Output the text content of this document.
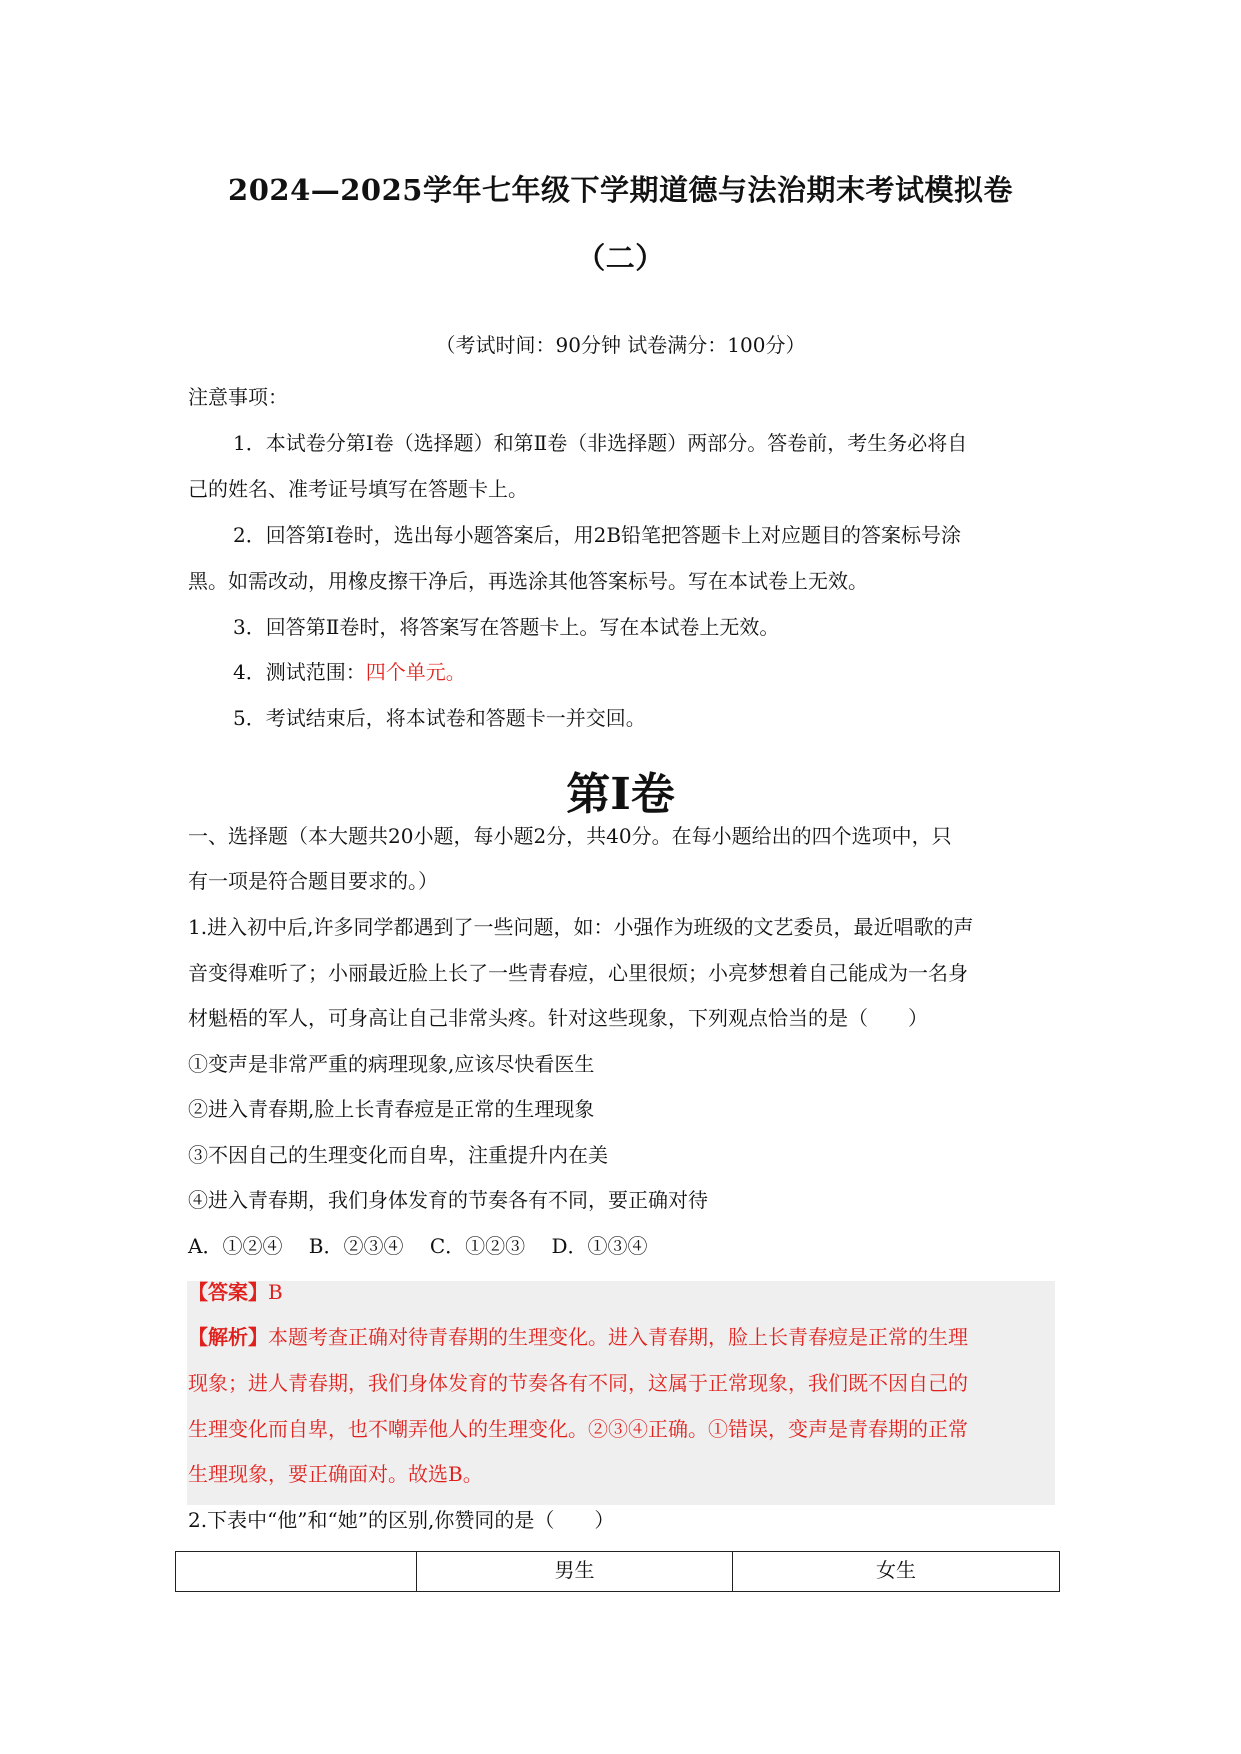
2024—2025学年七年级下学期道德与法治期末考试模拟卷
（二）
（考试时间：90分钟 试卷满分：100分）
注意事项：
1．本试卷分第Ⅰ卷（选择题）和第Ⅱ卷（非选择题）两部分。答卷前，考生务必将自
己的姓名、准考证号填写在答题卡上。
2．回答第Ⅰ卷时，选出每小题答案后，用2B铅笔把答题卡上对应题目的答案标号涂
黑。如需改动，用橡皮擦干净后，再选涂其他答案标号。写在本试卷上无效。
3．回答第Ⅱ卷时，将答案写在答题卡上。写在本试卷上无效。
4．测试范围：四个单元。
5．考试结束后，将本试卷和答题卡一并交回。
第Ⅰ卷
一、选择题（本大题共20小题，每小题2分，共40分。在每小题给出的四个选项中，只
有一项是符合题目要求的。）
1.进入初中后,许多同学都遇到了一些问题，如：小强作为班级的文艺委员，最近唱歌的声
音变得难听了；小丽最近脸上长了一些青春痘，心里很烦；小亮梦想着自己能成为一名身
材魁梧的军人，可身高让自己非常头疼。针对这些现象，下列观点恰当的是（　　）
①变声是非常严重的病理现象,应该尽快看医生
②进入青春期,脸上长青春痘是正常的生理现象
③不因自己的生理变化而自卑，注重提升内在美
④进入青春期，我们身体发育的节奏各有不同，要正确对待
A．①②④　 B．②③④　 C．①②③　 D．①③④
【答案】B
【解析】本题考查正确对待青春期的生理变化。进入青春期，脸上长青春痘是正常的生理
现象；进人青春期，我们身体发育的节奏各有不同，这属于正常现象，我们既不因自己的
生理变化而自卑，也不嘲弄他人的生理变化。②③④正确。①错误，变声是青春期的正常
生理现象，要正确面对。故选B。
2.下表中“他”和“她”的区别,你赞同的是（　　）
	男生	女生
